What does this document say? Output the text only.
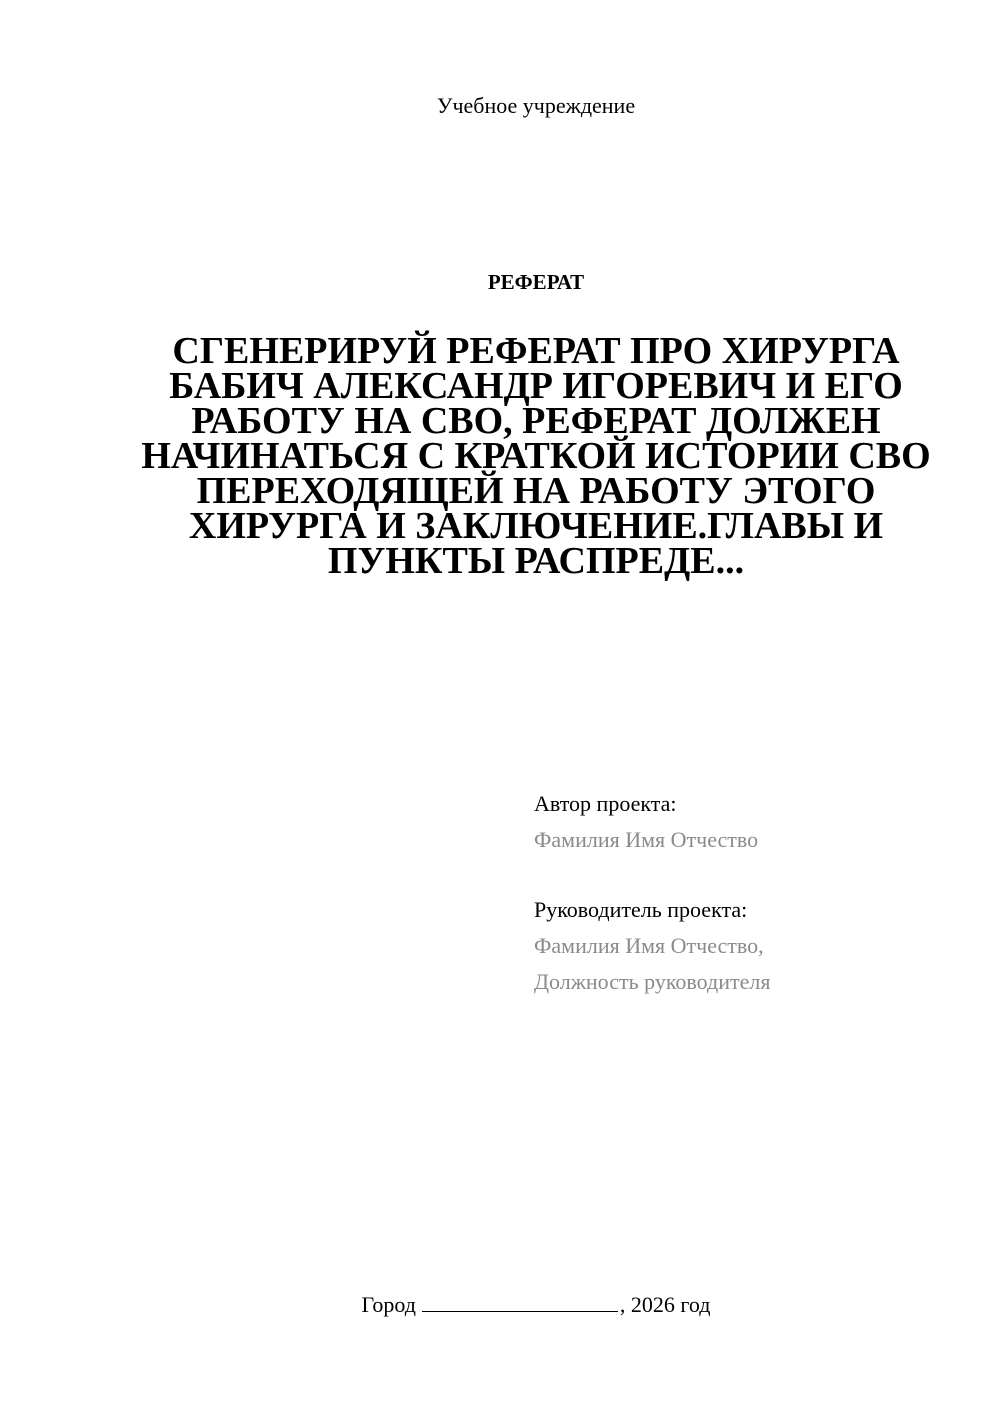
Учебное учреждение
РЕФЕРАТ
СГЕНЕРИРУЙ РЕФЕРАТ ПРО ХИРУРГА БАБИЧ АЛЕКСАНДР ИГОРЕВИЧ И ЕГО РАБОТУ НА СВО, РЕФЕРАТ ДОЛЖЕН НАЧИНАТЬСЯ С КРАТКОЙ ИСТОРИИ СВО ПЕРЕХОДЯЩЕЙ НА РАБОТУ ЭТОГО ХИРУРГА И ЗАКЛЮЧЕНИЕ.ГЛАВЫ И ПУНКТЫ РАСПРЕДЕ...
Автор проекта:
Фамилия Имя Отчество
Руководитель проекта:
Фамилия Имя Отчество,
Должность руководителя
Город	, 2026 год
